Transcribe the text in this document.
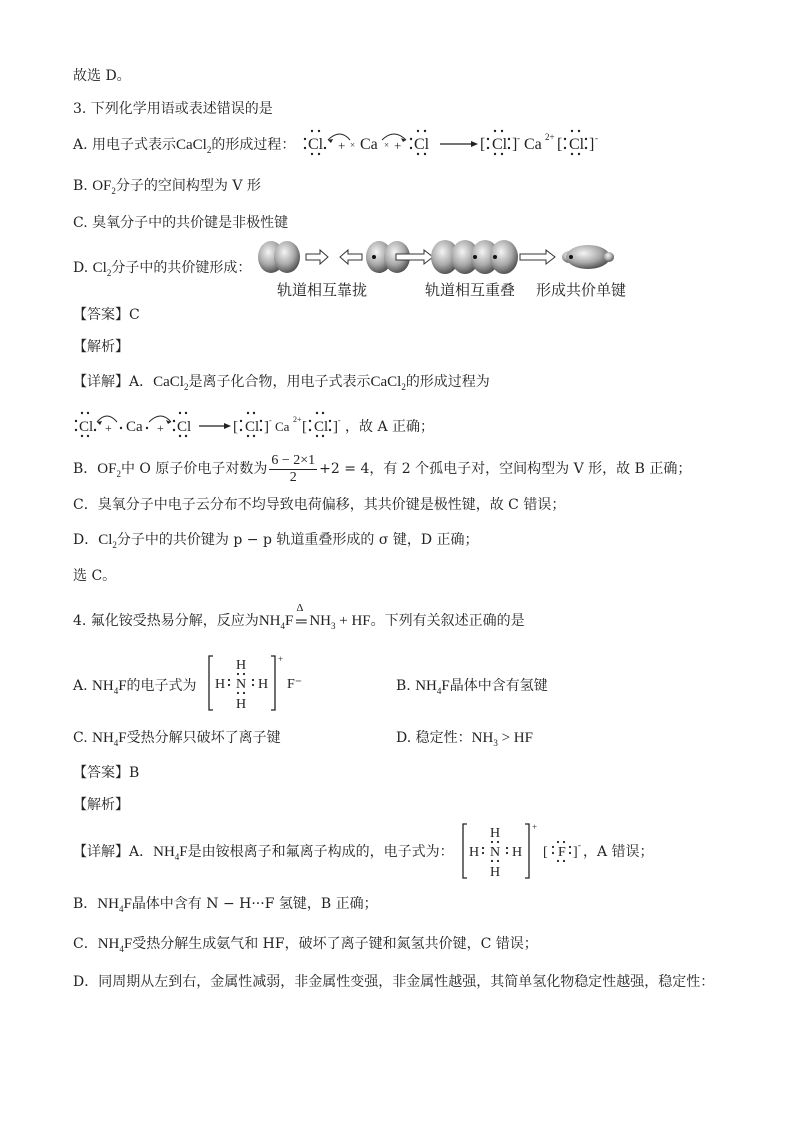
故选 D。
3. 下列化学用语或表述错误的是
A. 用电子式表示CaCl$_2$的形成过程： Cl + × Ca × + Cl	[ Cl ] - Ca 2+ [ Cl ] -
B. $OF_2$分子的空间构型为 V 形
C. 臭氧分子中的共价键是非极性键
D. $Cl_2$分子中的共价键形成：
轨道相互靠拢	轨道相互重叠 形成共价单键
【答案】C
【解析】
【详解】A．CaCl$_2$是离子化合物，用电子式表示CaCl$_2$的形成过程为
Cl + Ca + Cl	[ Cl ] - Ca 2+ [ Cl ] - ，故 A 正确；
B．$OF_2$中 O 原子价电子对数为 $\frac{6 - 2\times 1}{2} +2 = 4$，有 2 个孤电子对，空间构型为 V 形，故 B 正确；
C．臭氧分子中电子云分布不均导致电荷偏移，其共价键是极性键，故 C 错误；
D．$Cl_2$分子中的共价键为 p − p 轨道重叠形成的 σ 键，D 正确；
选 C。
4. 氟化铵受热易分解，反应为$NH_4F$
Δ
═ $NH_3$ + HF。下列有关叙述正确的是
A. $NH_4F$的电子式为
H
H N H
H
+
F⁻	B. $NH_4F$晶体中含有氢键
C. $NH_4F$受热分解只破坏了离子键	D. 稳定性：$NH_3$ > HF
【答案】B
【解析】
【详解】A．$NH_4F$是由铵根离子和氟离子构成的，电子式为：
H
H N H
H
+
[ F ] - ，A 错误；
B．$NH_4F$晶体中含有 N − H···F 氢键，B 正确；
C．$NH_4F$受热分解生成氨气和 HF，破坏了离子键和氮氢共价键，C 错误；
D．同周期从左到右，金属性减弱，非金属性变强，非金属性越强，其简单氢化物稳定性越强，稳定性：
